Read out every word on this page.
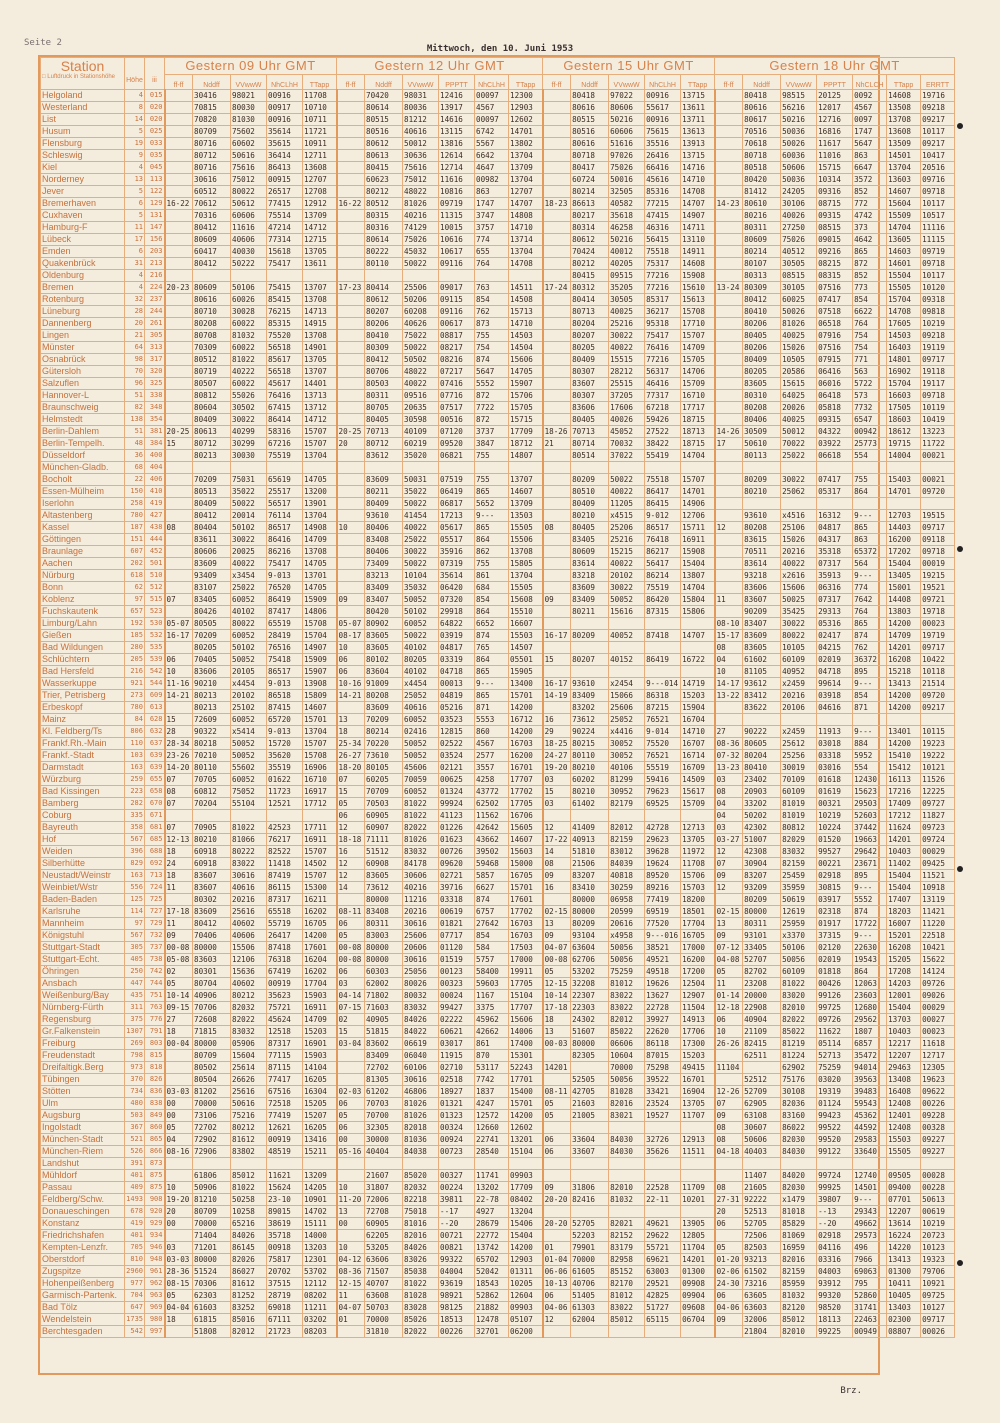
Seite 2
Mittwoch, den 10. Juni 1953
Station
□ Luftdruck in Stationshöhe	Höhe	iii	Gestern 09 Uhr GMT					Gestern 12 Uhr GMT						Gestern 15 Uhr GMT					Gestern 18 Uhr GMT						
			ff-ff	Nddff	VVwwW	NhCLhH	TTapp	ff-ff	Nddff	VVwwW	PPPTT	NhCLhH	TTapp	ff-ff	Nddff	VVwwW	NhCLhH	TTapp	ff-ff	Nddff	VVwwW	PPPTT	NhCLCH	TTapp	ERRTT
Helgoland	4	015		30416	98021	00916	11708		70420	98031	12416	00097	12300		80418	97022	00916	13715		80418	98515	20125	0092	14608	19716
Westerland	8	020		70815	80030	00917	10710		80614	80036	13917	4567	12903		80616	80606	55617	13611		80616	56216	12017	4567	13508	09218
List	14	020		70820	81030	00916	10711		80515	81212	14616	00097	12602		80515	50216	00916	13711		80617	50216	12716	0097	13708	09217
Husum	5	025		80709	75602	35614	11721		80516	40616	13115	6742	14701		80516	60606	75615	13613		70516	50036	16816	1747	13608	10117
Flensburg	19	033		80716	60602	35615	10911		80612	50012	13816	5567	13802		80616	51616	35516	13913		70618	50026	11617	5647	13509	09217
Schleswig	9	035		80712	50616	36414	12711		80613	30636	12614	6642	13704		80718	97026	26416	13715		80718	60036	11016	863	14501	10417
Kiel	4	045		80716	75616	86413	13608		80415	75616	12714	4647	13709		80417	75026	66416	14716		80518	50606	15715	6647	13704	20516
Norderney	13	113		30616	75012	00915	12707		60623	75012	11616	00982	13704		60724	50016	45616	14710		80420	50036	10314	3572	13603	09716
Jever	5	122		60512	80022	26517	12708		80212	48022	10816	863	12707		80214	32505	85316	14708		81412	24205	09316	852	14607	09718
Bremerhaven	6	129	16-22	70612	50612	77415	12912	16-22	80512	81026	09719	1747	14707	18-23	86613	40582	77215	14707	14-23	80610	30106	08715	772	15604	10117
Cuxhaven	5	131		70316	60606	75514	13709		80315	40216	11315	3747	14808		80217	35618	47415	14907		80216	40026	09315	4742	15509	10517
Hamburg-F	11	147		80412	11616	47214	14712		80316	74129	10015	3757	14710		80314	46258	46316	14711		80311	27250	08515	373	14704	11116
Lübeck	17	156		80609	40606	77314	12715		80614	75026	10616	774	13714		80612	50216	56415	13110		80609	75026	09015	4642	13605	11115
Emden	6	203		60417	40030	15618	13705		80222	45032	10617	655	13704		70424	40012	75518	14911		80214	40512	09216	865	14603	09719
Quakenbrück	31	213		80412	50222	75417	13611		80110	50022	09116	764	14708		80212	40205	75317	14608		80107	30505	08215	872	14601	09718
Oldenburg	4	216													80415	09515	77216	15908		80313	08515	08315	852	15504	10117
Bremen	4	224	20-23	80609	50106	75415	13707	17-23	80414	25506	09017	763	14511	17-24	80312	35205	77216	15610	13-24	80309	30105	07516	773	15505	10120
Rotenburg	32	237		80616	60026	85415	13708		80612	50206	09115	854	14508		80414	30505	85317	15613		80412	60025	07417	854	15704	09318
Lüneburg	28	244		80710	30028	76215	14713		80207	60208	09116	762	15713		80713	40025	36217	15708		80410	50026	07518	6622	14708	09818
Dannenberg	20	261		80208	60022	85315	14915		80206	40626	00617	873	14710		80204	25216	95318	17710		80206	81026	06518	764	17605	10219
Lingen	21	305		80708	81032	75520	13708		80410	75022	08817	755	14503		80207	30022	75417	15707		80405	40025	07916	754	14503	09218
Münster	64	313		70309	60022	56518	14901		80309	50022	08217	754	14504		80205	40022	76416	14709		80206	15026	07516	754	16403	19119
Osnabrück	98	317		80512	81022	85617	13705		80412	50502	08216	874	15606		80409	15515	77216	15705		80409	10505	07915	771	14801	09717
Gütersloh	70	320		80719	40222	56518	13707		80706	48022	07217	5647	14705		80307	28212	56317	14706		80205	20586	06416	563	16902	19118
Salzuflen	96	325		80507	60022	45617	14401		80503	40022	07416	5552	15907		83607	25515	46416	15709		83605	15615	06016	5722	15704	19117
Hannover-L	51	338		80812	55026	76416	13713		80311	09516	07716	872	15706		80307	37205	77317	16710		80310	64025	06418	573	16603	09718
Braunschweig	82	348		80604	30502	67415	13712		80705	20635	07517	7722	15705		83606	17606	67218	17717		80208	20026	05818	7732	17505	10119
Helmstedt	138	354		80409	30022	86414	14712		80405	30598	00516	872	15715		80405	40026	59426	18715		80406	40025	09315	6547	18603	10419
Berlin-Dahlem	51	381	20-25	80613	40299	58316	15707	20-25	70713	40109	07120	3737	17709	18-26	70713	45052	27522	18713	14-26	30509	50012	04322	00942	18612	13223
Berlin-Tempelh.	48	384	15	80712	30299	67216	15707	20	80712	60219	09520	3847	18712	21	80714	70032	38422	18715	17	50610	70022	03922	25773	19715	11722
Düsseldorf	36	400		80213	30030	75519	13704		83612	35020	06821	755	14807		80514	37022	55419	14704		80113	25022	06618	554	14004	00021
München-Gladb.	68	404																							
Bocholt	22	406		70209	75031	65619	14705		83609	50031	07519	755	13707		80209	50022	75518	15707		80209	30022	07417	755	15403	00021
Essen-Mülheim	150	410		80513	35022	25517	13200		80211	35022	06419	865	14607		80510	40022	86417	14701		80210	25062	05317	864	14701	09720
Iserlohn	258	419		80409	50022	56517	13901		80409	50022	06817	5652	13709		80409	11205	86415	14906							
Altastenberg	780	427		80412	20014	76114	13704		93610	41454	17213	9---	13503		80210	x4515	9-012	12706		93610	x4516	16312	9---	12703	19515
Kassel	187	438	08	80404	50102	86517	14908	10	80406	40022	05617	865	15505	08	80405	25206	86517	15711	12	80208	25106	04817	865	14403	09717
Göttingen	151	444		83611	30022	86416	14709		83408	25022	05517	864	15506		83405	25216	76418	16911		83615	15026	04317	863	16200	09118
Braunlage	607	452		80606	20025	86216	13708		80406	30022	35916	862	13708		80609	15215	86217	15908		70511	20216	35318	65372	17202	09718
Aachen	202	501		83609	40022	75417	14705		73409	50022	07319	755	15805		83614	40022	56417	15404		83614	40022	07317	564	15404	00019
Nürburg	618	510		93409	x3454	9-013	13701		83213	10104	35614	861	13704		83218	20102	86214	13807		93218	x2616	35913	9---	13405	19215
Bonn	62	512		83107	25022	76520	14705		83409	35032	06420	684	15505		83609	30022	75519	14704		83606	15606	06316	774	15001	19521
Koblenz	97	515	07	83405	60052	86419	15909	09	83407	50052	07320	854	15608	09	83409	50052	86420	15804	11	83607	50025	07317	7642	14408	09721
Fuchskautenk	657	523		80426	40102	87417	14806		80420	50102	29918	864	15510		80211	15616	87315	15806		90209	35425	29313	764	13803	19718
Limburg/Lahn	192	530	05-07	80505	80022	65519	15708	05-07	80902	60052	64822	6652	16607						08-10	83407	30022	05316	865	14200	00023
Gießen	185	532	16-17	70209	60052	28419	15704	08-17	83605	50022	03919	874	15503	16-17	80209	40052	87418	14707	15-17	83609	80022	02417	874	14709	19719
Bad Wildungen	280	535		80205	50102	76516	14907	10	83605	40102	04817	765	14507						08	83605	10105	04215	762	14201	09717
Schlüchtern	205	539	06	70405	50052	75418	15909	06	80102	80205	03319	864	05501	15	80207	40152	86419	16722	04	61602	60109	02019	36372	16208	10422
Bad Hersfeld	216	542	10	83606	20105	86517	15907	06	83604	40102	04718	865	15905						10	81105	40952	04718	895	15218	10118
Wasserkuppe	921	544	11-16	90210	x4454	9-013	13908	10-16	91009	x4454	00013	9---	13400	16-17	93610	x2454	9---014	14719	14-17	93612	x2459	99614	9---	13413	21514
Trier, Petrisberg	273	609	14-21	80213	20102	86518	15809	14-21	80208	25052	04819	865	15701	14-19	83409	15066	86318	15203	13-22	83412	20216	03918	854	14200	09720
Erbeskopf	780	613		80213	25102	87415	14607		83609	40616	05216	871	14200		83202	25606	87215	15904		83622	20106	04616	871	14200	09217
Mainz	84	628	15	72609	60052	65720	15701	13	70209	60052	03523	5553	16712	16	73612	25052	76521	16704							
Kl. Feldberg/Ts	806	632	28	90322	x5414	9-013	13704	18	80214	02416	12815	860	14200	29	90224	x4416	9-014	14710	27	90222	x2459	11913	9---	13401	10115
Frankf.Rh.-Main	110	637	28-34	80218	50052	15720	15707	25-34	70220	50052	02522	4567	16703	18-25	80215	30052	75520	16707	08-36	80605	25612	03018	884	14200	19223
Frankf.-Stadt	103	639	23-26	70210	50052	35620	15708	26-27	73610	50052	03524	2577	16200	24-27	80110	30052	76521	16714	07-32	80204	25256	03318	5952	15410	19222
Darmstadt	163	639	14-20	80110	55602	35519	16906	18-20	80105	45606	02121	3557	16701	19-20	80210	40106	55519	16709	13-23	80410	30019	03016	554	15412	10121
Würzburg	259	655	07	70705	60052	01622	16710	07	60205	70059	00625	4258	17707	03	60202	81299	59416	14509	03	23402	70109	01618	12430	16113	11526
Bad Kissingen	223	658	08	60812	75052	11723	16917	15	70709	60052	01324	43772	17702	15	80210	30952	79623	15617	08	20903	60109	01619	15623	17216	12225
Bamberg	282	670	07	70204	55104	12521	17712	05	70503	81022	99924	62502	17705	03	61402	82179	69525	15709	04	33202	81019	00321	29503	17409	09727
Coburg	335	671						06	60905	81022	41123	11562	16706						04	50202	81019	10219	52603	17212	11827
Bayreuth	358	681	07	70905	81022	42523	17711	12	60907	82022	01226	42642	15605	12	41409	82012	42728	12713	03	42302	80812	10224	37442	11624	09723
Hof	567	685	12-13	80210	81066	76217	16911	18-18	71111	81026	01623	43662	14607	17-22	40913	82159	29623	13705	03-27	51007	82029	01520	19663	14201	09724
Weiden	396	688	18	60918	80222	82522	15707	16	51512	83032	00726	39502	15603	14	51810	83012	39628	11972	12	42308	83032	99527	29642	10403	00029
Silberhütte	829	692	24	60918	83022	11418	14502	12	60908	84178	09620	59468	15000	08	21506	84039	19624	11708	07	30904	82159	00221	23671	11402	09425
Neustadt/Weinstr	163	713	18	83607	30616	87419	15707	12	83605	30606	02721	5857	16705	09	83207	40818	89520	15706	09	83207	25459	02918	895	15404	11521
Weinbiet/Wstr	556	724	11	83607	40616	86115	15300	14	73612	40216	39716	6627	15701	16	83410	30259	89216	15703	12	93209	35959	30815	9---	15404	10918
Baden-Baden	125	725		80302	20216	87317	16211		80000	11216	03318	874	17601		80000	06958	77419	18200		80209	50619	03917	5552	17407	13119
Karlsruhe	114	727	17-18	83609	25616	65518	16202	08-11	83408	20216	00619	6757	17702	02-15	80000	20599	69519	18501	02-15	80000	12619	02318	874	18203	11421
Mannheim	97	729	11	80412	40602	55719	16705	06	80311	30616	01821	27642	16703	13	80209	20616	77520	17704	13	80311	25959	01917	17722	16007	11220
Königstuhl	567	732	09	70406	40606	26417	14200	05	83003	25606	07717	854	16703	09	93104	x4958	9---016	16705	09	93101	x3370	37315	9---	15201	22518
Stuttgart-Stadt	305	737	00-08	80000	15506	87418	17601	00-08	80000	20606	01120	584	17503	04-07	63604	50056	38521	17000	07-12	33405	50106	02120	22630	16208	10421
Stuttgart-Echt.	405	738	05-08	83603	12106	76318	16204	00-08	80000	30616	01519	5757	17000	00-08	62706	50056	49521	16200	04-08	52707	50056	02019	19543	15205	15622
Öhringen	250	742	02	80301	15636	67419	16202	06	60303	25056	00123	58400	19911	05	53202	75259	49518	17200	05	82702	60109	01818	864	17208	14124
Ansbach	447	744	05	80704	40602	00919	17704	03	62002	80026	00323	59603	17705	12-15	32208	81012	19626	12504	11	23208	81022	00426	12063	14203	09726
Weißenburg/Bay	435	751	10-14	40906	80212	35623	15903	04-14	71802	80032	00024	1167	15104	10-14	22307	83022	13627	12907	01-14	20000	83020	99126	23603	12001	09026
Nürnberg-Fürth	311	763	09-15	70706	82032	75721	16911	07-15	71603	83032	99427	3375	17707	17-18	22303	83022	22728	11504	12-18	22908	82010	99725	12680	15404	00029
Regensburg	375	776	27	72608	82022	45624	14709	02	40905	84026	02222	45962	15606	18	24302	82012	39927	14913	06	40904	82022	09726	29562	13703	00027
Gr.Falkenstein	1307	791	18	71815	83032	12518	15203	15	51815	84022	60621	42662	14006	13	51607	85022	22620	17706	10	21109	85022	11622	1807	10403	00023
Freiburg	269	803	00-04	80000	05906	87317	16901	03-04	83602	06619	03017	861	17400	00-03	80000	06606	86118	17300	26-26	82415	81219	05114	6857	12217	11618
Freudenstadt	798	815		80709	15604	77115	15903		83409	06040	11915	870	15301		82305	10604	87015	15203		62511	81224	52713	35472	12207	12717
Dreifaltigk.Berg	973	818		80502	25614	87115	14104		72702	60106	02710	53117	52243	14201		70000	75298	49415	11104		62902	75259	94014	29463	12305
Tübingen	370	826		80504	26626	77417	16205		81305	30616	02518	7742	17701		52505	50056	39522	16701		52512	75176	03020	39563	13408	19623
Stötten	734	836	03-03	81202	25616	67516	16304	02-03	61202	46806	18927	1837	15400	08-11	42705	81028	33421	16904	12-26	52709	30108	19319	39483	16408	09622
Ulm	480	838	00	70000	50616	72518	15205	06	70703	81026	01321	4247	15701	05	21603	82016	23524	13705	07	62905	82036	01124	59543	12408	00226
Augsburg	503	849	00	73106	75216	77419	15207	05	70700	81026	01323	12572	14200	05	21005	83021	19527	11707	09	63108	83160	99423	45362	12401	09228
Ingolstadt	367	860	05	72702	80212	12621	16205	06	32305	82018	00324	12660	12602						08	30607	86022	99522	44592	12408	00328
München-Stadt	521	865	04	72902	81612	00919	13416	00	30000	81036	00924	22741	13201	06	33604	84030	32726	12913	08	50606	82030	99520	29583	15503	09227
München-Riem	526	866	08-16	72906	83802	48519	15211	05-16	40404	84038	00723	28540	15104	06	33607	84030	35626	11511	04-18	40403	84030	99122	33640	15505	09227
Landshut	391	873																							
Mühldorf	401	875		61806	85012	11621	13209		21607	85020	00327	11741	09903							11407	84020	99724	12740	09505	00028
Passau	409	875	10	50906	81022	15624	14205	10	31807	82032	00224	13202	17709	09	31806	82010	22528	11709	08	21605	82030	99925	14501	09400	00228
Feldberg/Schw.	1493	908	19-20	81210	50258	23-10	10901	11-20	72006	82218	39811	22-78	08402	20-20	82416	81032	22-11	10201	27-31	92222	x1479	39807	9---	07701	50613
Donaueschingen	678	920	20	80709	10258	89015	14702	13	72708	75018	--17	4927	13204						20	52513	81018	--13	29343	12207	00619
Konstanz	419	929	00	70000	65216	38619	15111	00	60905	81016	--20	28679	15406	20-20	52705	82021	49621	13905	06	52705	85829	--20	49662	13614	10219
Friedrichshafen	401	934		71404	84026	35718	14000		62205	82016	00721	22772	15404		52203	82152	29622	12805		72506	81069	02918	29573	16224	20723
Kempten-Lenzfr.	705	946	03	71201	86145	00918	13203	10	53205	84026	00821	13742	14200	01	79901	83179	55721	11704	05	82503	16959	04116	496	14220	10123
Oberstdorf	810	948	03-03	80000	82026	75817	12301	04-12	63606	83026	99322	65702	12903	01-04	70000	82958	69621	14201	01-20	93213	82016	03316	7966	13413	19323
Zugspitze	2960	961	28-36	51524	86027	20702	53702	08-36	71507	85038	04004	52042	01311	06-06	61605	85152	63003	01300	02-06	61502	82159	04003	69063	01300	79706
Hohenpeißenberg	977	962	08-15	70306	81612	37515	12112	12-15	40707	81022	93619	18543	10205	10-13	40706	82170	29521	09908	24-30	73216	85959	93912	795	10411	10921
Garmisch-Partenk.	704	963	05	62303	81252	28719	08202	11	63608	81028	98921	52862	12604	06	51405	81012	42825	09904	06	63605	81032	99320	52860	10405	09725
Bad Tölz	647	969	04-04	61603	83252	69018	11211	04-07	50703	83028	98125	21882	09903	04-06	61303	83022	51727	09608	04-06	63603	82120	98520	31741	13403	10127
Wendelstein	1735	980	18	61815	85016	67111	03202	01	70000	85026	18513	12478	05107	12	62004	85012	65115	06704	09	32006	85012	18113	22463	02300	09717
Berchtesgaden	542	997		51808	82012	21723	08203		31810	82022	00226	32701	06200							21804	82010	99225	00949	08807	00026
Brz.
